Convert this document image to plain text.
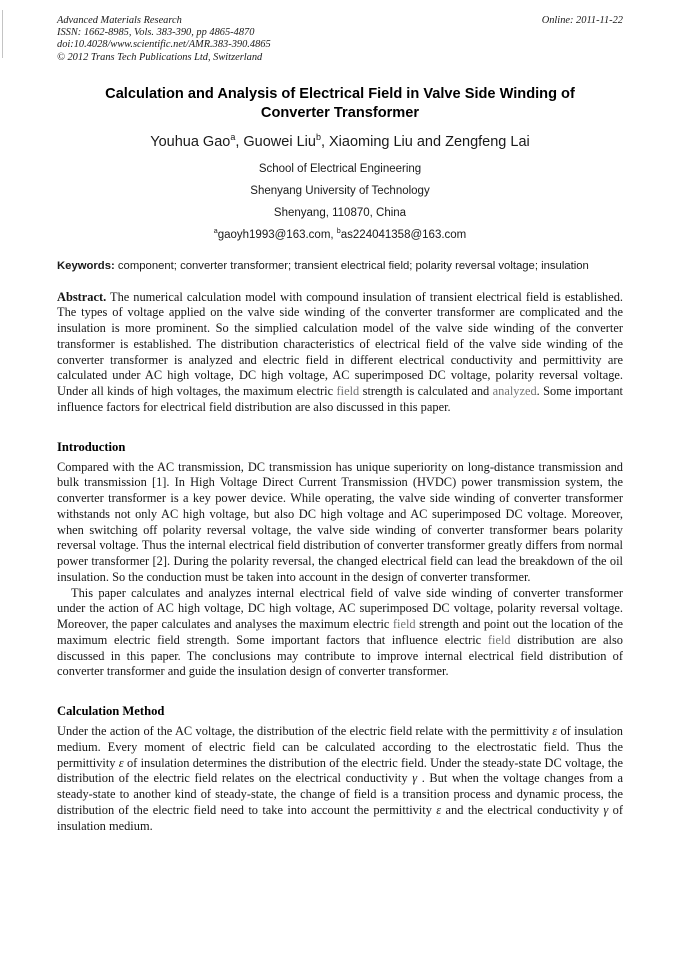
Advanced Materials Research
ISSN: 1662-8985, Vols. 383-390, pp 4865-4870
doi:10.4028/www.scientific.net/AMR.383-390.4865
© 2012 Trans Tech Publications Ltd, Switzerland
Online: 2011-11-22
Calculation and Analysis of Electrical Field in Valve Side Winding of
Converter Transformer
Youhua Gao$^a$, Guowei Liu$^b$, Xiaoming Liu and Zengfeng Lai
School of Electrical Engineering
Shenyang University of Technology
Shenyang, 110870, China
$^a$gaoyh1993@163.com, $^b$as224041358@163.com
Keywords: component; converter transformer; transient electrical field; polarity reversal voltage; insulation
Abstract. The numerical calculation model with compound insulation of transient electrical field is established. The types of voltage applied on the valve side winding of the converter transformer are complicated and the insulation is more prominent. So the simplied calculation model of the valve side winding of the converter transformer is established. The distribution characteristics of electrical field of the valve side winding of the converter transformer is analyzed and electric field in different electrical conductivity and permittivity are calculated under AC high voltage, DC high voltage, AC superimposed DC voltage, polarity reversal voltage. Under all kinds of high voltages, the maximum electric field strength is calculated and analyzed. Some important influence factors for electrical field distribution are also discussed in this paper.
Introduction

Compared with the AC transmission, DC transmission has unique superiority on long-distance transmission and bulk transmission [1]. In High Voltage Direct Current Transmission (HVDC) power transmission system, the converter transformer is a key power device. While operating, the valve side winding of converter transformer withstands not only AC high voltage, but also DC high voltage and AC superimposed DC voltage. Moreover, when switching off polarity reversal voltage, the valve side winding of converter transformer bears polarity reversal voltage. Thus the internal electrical field distribution of converter transformer greatly differs from normal power transformer [2]. During the polarity reversal, the changed electrical field can lead the breakdown of the oil insulation. So the conduction must be taken into account in the design of converter transformer.

This paper calculates and analyzes internal electrical field of valve side winding of converter transformer under the action of AC high voltage, DC high voltage, AC superimposed DC voltage, polarity reversal voltage. Moreover, the paper calculates and analyses the maximum electric field strength and point out the location of the maximum electric field strength. Some important factors that influence electric field distribution are also discussed in this paper. The conclusions may contribute to improve internal electrical field distribution of converter transformer and guide the insulation design of converter transformer.

Calculation Method

Under the action of the AC voltage, the distribution of the electric field relate with the permittivity ε of insulation medium. Every moment of electric field can be calculated according to the electrostatic field. Thus the permittivity ε of insulation determines the distribution of the electric field. Under the steady-state DC voltage, the distribution of the electric field relates on the electrical conductivity γ . But when the voltage changes from a steady-state to another kind of steady-state, the change of field is a transition process and dynamic process, the distribution of the electric field need to take into account the permittivity ε and the electrical conductivity γ of insulation medium.
